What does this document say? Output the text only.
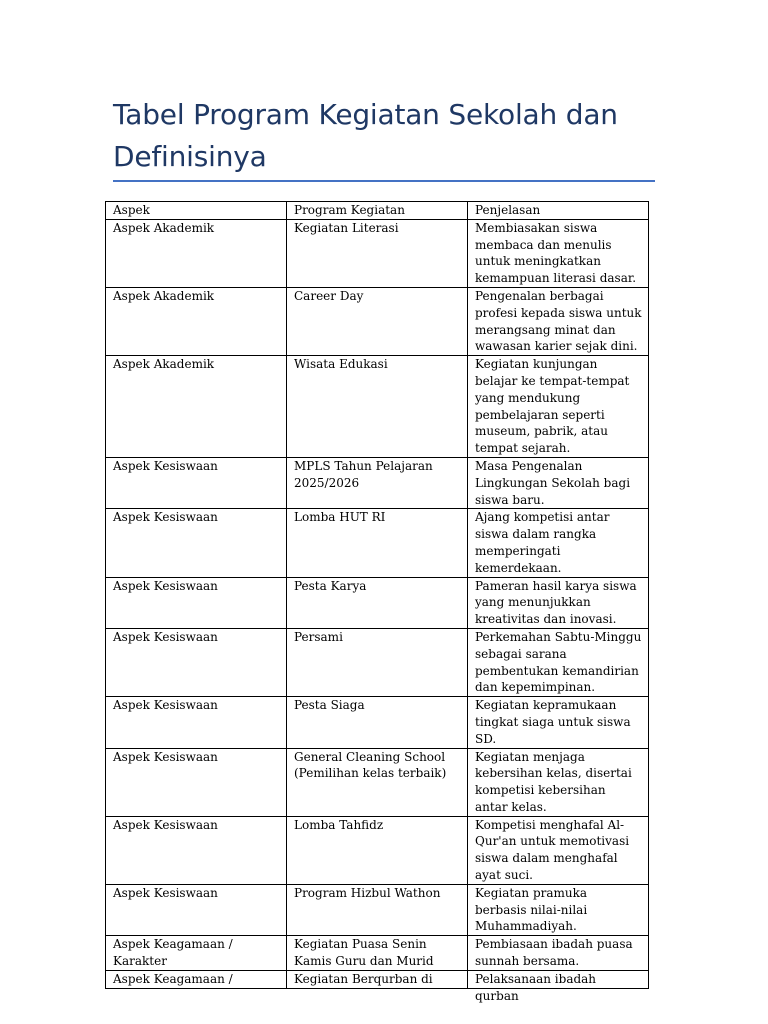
Tabel Program Kegiatan Sekolah dan Definisinya
Aspek	Program Kegiatan	Penjelasan
Aspek Akademik	Kegiatan Literasi	Membiasakan siswa membaca dan menulis untuk meningkatkan kemampuan literasi dasar.
Aspek Akademik	Career Day	Pengenalan berbagai profesi kepada siswa untuk merangsang minat dan wawasan karier sejak dini.
Aspek Akademik	Wisata Edukasi	Kegiatan kunjungan belajar ke tempat-tempat yang mendukung pembelajaran seperti museum, pabrik, atau tempat sejarah.
Aspek Kesiswaan	MPLS Tahun Pelajaran 2025/2026	Masa Pengenalan Lingkungan Sekolah bagi siswa baru.
Aspek Kesiswaan	Lomba HUT RI	Ajang kompetisi antar siswa dalam rangka memperingati kemerdekaan.
Aspek Kesiswaan	Pesta Karya	Pameran hasil karya siswa yang menunjukkan kreativitas dan inovasi.
Aspek Kesiswaan	Persami	Perkemahan Sabtu-Minggu sebagai sarana pembentukan kemandirian dan kepemimpinan.
Aspek Kesiswaan	Pesta Siaga	Kegiatan kepramukaan tingkat siaga untuk siswa SD.
Aspek Kesiswaan	General Cleaning School (Pemilihan kelas terbaik)	Kegiatan menjaga kebersihan kelas, disertai kompetisi kebersihan antar kelas.
Aspek Kesiswaan	Lomba Tahfidz	Kompetisi menghafal Al-Qur'an untuk memotivasi siswa dalam menghafal ayat suci.
Aspek Kesiswaan	Program Hizbul Wathon	Kegiatan pramuka berbasis nilai-nilai Muhammadiyah.
Aspek Keagamaan / Karakter	Kegiatan Puasa Senin Kamis Guru dan Murid	Pembiasaan ibadah puasa sunnah bersama.

Aspek Keagamaan /	Kegiatan Berqurban di	Pelaksanaan ibadah qurban
